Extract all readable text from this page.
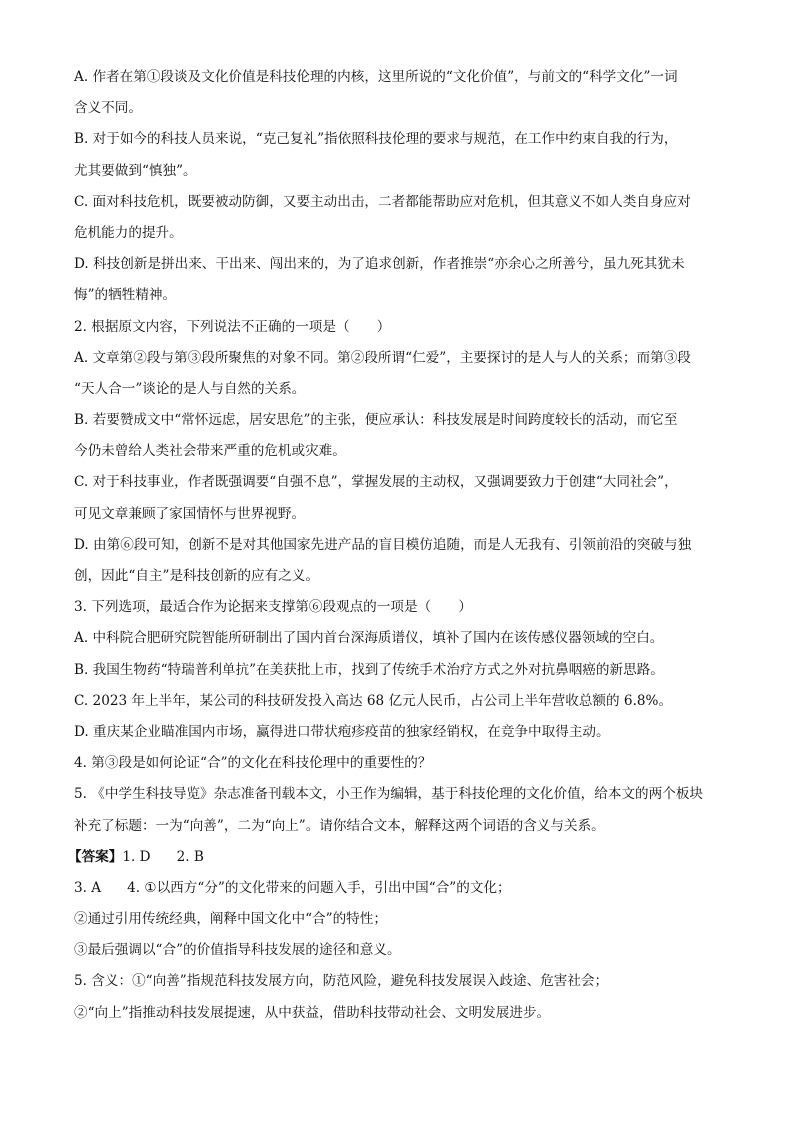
A. 作者在第①段谈及文化价值是科技伦理的内核，这里所说的“文化价值”，与前文的“科学文化”一词
含义不同。
B. 对于如今的科技人员来说，“克己复礼”指依照科技伦理的要求与规范，在工作中约束自我的行为，
尤其要做到“慎独”。
C. 面对科技危机，既要被动防御，又要主动出击，二者都能帮助应对危机，但其意义不如人类自身应对
危机能力的提升。
D. 科技创新是拼出来、干出来、闯出来的，为了追求创新，作者推崇“亦余心之所善兮，虽九死其犹未
悔”的牺牲精神。
2. 根据原文内容，下列说法不正确的一项是（　　）
A. 文章第②段与第③段所聚焦的对象不同。第②段所谓“仁爱”，主要探讨的是人与人的关系；而第③段
“天人合一”谈论的是人与自然的关系。
B. 若要赞成文中“常怀远虑，居安思危”的主张，便应承认：科技发展是时间跨度较长的活动，而它至
今仍未曾给人类社会带来严重的危机或灾难。
C. 对于科技事业，作者既强调要“自强不息”，掌握发展的主动权，又强调要致力于创建“大同社会”，
可见文章兼顾了家国情怀与世界视野。
D. 由第⑥段可知，创新不是对其他国家先进产品的盲目模仿追随，而是人无我有、引领前沿的突破与独
创，因此“自主”是科技创新的应有之义。
3. 下列选项，最适合作为论据来支撑第⑥段观点的一项是（　　）
A. 中科院合肥研究院智能所研制出了国内首台深海质谱仪，填补了国内在该传感仪器领域的空白。
B. 我国生物药“特瑞普利单抗”在美获批上市，找到了传统手术治疗方式之外对抗鼻咽癌的新思路。
C. 2023 年上半年，某公司的科技研发投入高达 68 亿元人民币，占公司上半年营收总额的 6.8%。
D. 重庆某企业瞄准国内市场，赢得进口带状疱疹疫苗的独家经销权，在竞争中取得主动。
4. 第③段是如何论证“合”的文化在科技伦理中的重要性的？
5. 《中学生科技导览》杂志准备刊载本文，小王作为编辑，基于科技伦理的文化价值，给本文的两个板块
补充了标题：一为“向善”，二为“向上”。请你结合文本，解释这两个词语的含义与关系。
【答案】1. D 2. B
3. A 4. ①以西方“分”的文化带来的问题入手，引出中国“合”的文化；
②通过引用传统经典，阐释中国文化中“合”的特性；
③最后强调以“合”的价值指导科技发展的途径和意义。
5. 含义：①“向善”指规范科技发展方向，防范风险，避免科技发展误入歧途、危害社会；
②“向上”指推动科技发展提速，从中获益，借助科技带动社会、文明发展进步。
